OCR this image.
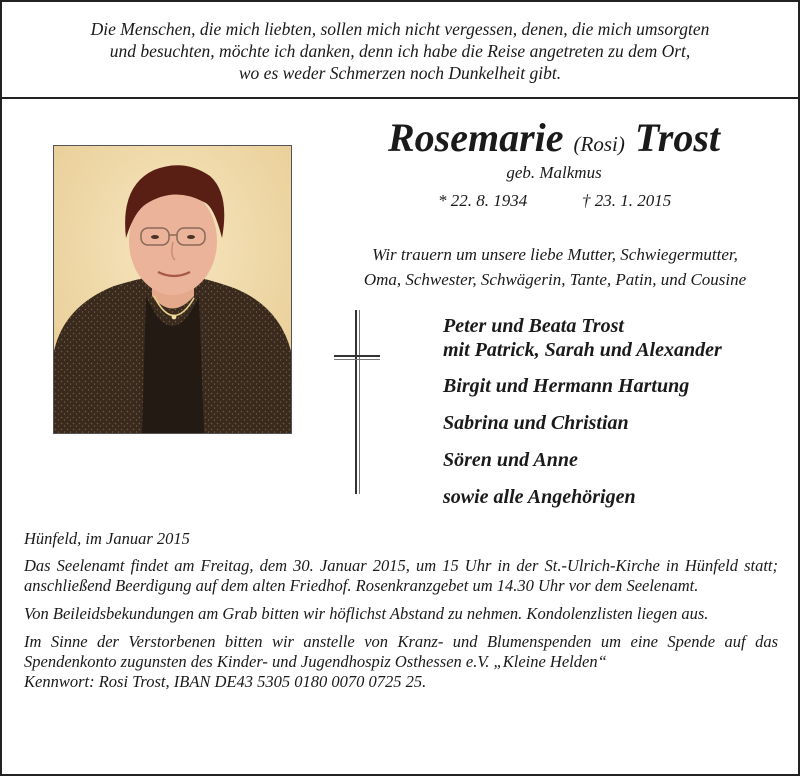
Die Menschen, die mich liebten, sollen mich nicht vergessen, denen, die mich umsorgten
und besuchten, möchte ich danken, denn ich habe die Reise angetreten zu dem Ort,
wo es weder Schmerzen noch Dunkelheit gibt.
Rosemarie (Rosi) Trost
geb. Malkmus
* 22. 8. 1934	† 23. 1. 2015
Wir trauern um unsere liebe Mutter, Schwiegermutter,
Oma, Schwester, Schwägerin, Tante, Patin, und Cousine
Peter und Beata Trost
mit Patrick, Sarah und Alexander
Birgit und Hermann Hartung
Sabrina und Christian
Sören und Anne
sowie alle Angehörigen

Hünfeld, im Januar 2015

Das Seelenamt findet am Freitag, dem 30. Januar 2015, um 15 Uhr in der St.-Ulrich-Kirche in Hünfeld statt; anschließend Beerdigung auf dem alten Friedhof. Rosenkranzgebet um 14.30 Uhr vor dem Seelenamt.

Von Beileidsbekundungen am Grab bitten wir höflichst Abstand zu nehmen. Kondolenzlisten liegen aus.

Im Sinne der Verstorbenen bitten wir anstelle von Kranz- und Blumenspenden um eine Spende auf das Spendenkonto zugunsten des Kinder- und Jugendhospiz Osthessen e.V. „Kleine Helden“

Kennwort: Rosi Trost, IBAN DE43 5305 0180 0070 0725 25.
